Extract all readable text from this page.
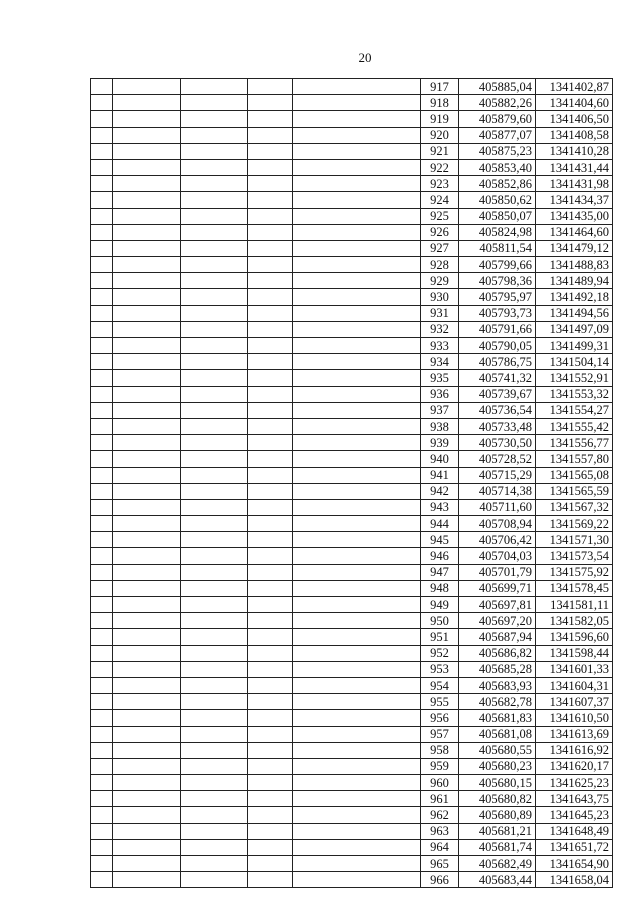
20
					917	405885,04	1341402,87
					918	405882,26	1341404,60
					919	405879,60	1341406,50
					920	405877,07	1341408,58
					921	405875,23	1341410,28
					922	405853,40	1341431,44
					923	405852,86	1341431,98
					924	405850,62	1341434,37
					925	405850,07	1341435,00
					926	405824,98	1341464,60
					927	405811,54	1341479,12
					928	405799,66	1341488,83
					929	405798,36	1341489,94
					930	405795,97	1341492,18
					931	405793,73	1341494,56
					932	405791,66	1341497,09
					933	405790,05	1341499,31
					934	405786,75	1341504,14
					935	405741,32	1341552,91
					936	405739,67	1341553,32
					937	405736,54	1341554,27
					938	405733,48	1341555,42
					939	405730,50	1341556,77
					940	405728,52	1341557,80
					941	405715,29	1341565,08
					942	405714,38	1341565,59
					943	405711,60	1341567,32
					944	405708,94	1341569,22
					945	405706,42	1341571,30
					946	405704,03	1341573,54
					947	405701,79	1341575,92
					948	405699,71	1341578,45
					949	405697,81	1341581,11
					950	405697,20	1341582,05
					951	405687,94	1341596,60
					952	405686,82	1341598,44
					953	405685,28	1341601,33
					954	405683,93	1341604,31
					955	405682,78	1341607,37
					956	405681,83	1341610,50
					957	405681,08	1341613,69
					958	405680,55	1341616,92
					959	405680,23	1341620,17
					960	405680,15	1341625,23
					961	405680,82	1341643,75
					962	405680,89	1341645,23
					963	405681,21	1341648,49
					964	405681,74	1341651,72
					965	405682,49	1341654,90
					966	405683,44	1341658,04
